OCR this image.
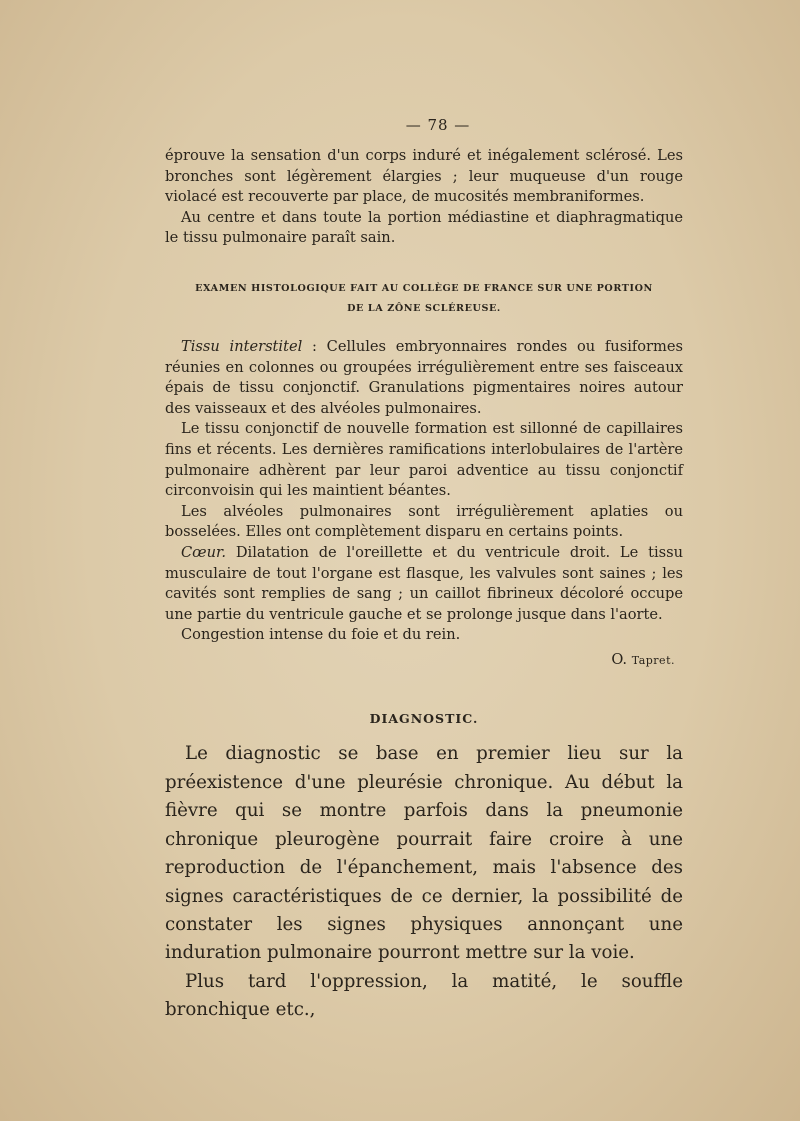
— 78 —

éprouve la sensation d'un corps induré et inégalement sclérosé. Les bronches sont légèrement élargies ; leur muqueuse d'un rouge violacé est recouverte par place, de mucosités membraniformes.

Au centre et dans toute la portion médiastine et diaphragmatique le tissu pulmonaire paraît sain.

EXAMEN HISTOLOGIQUE FAIT AU COLLÈGE DE FRANCE SUR UNE PORTION
DE LA ZÔNE SCLÉREUSE.

Tissu interstitel : Cellules embryonnaires rondes ou fusiformes réunies en colonnes ou groupées irrégulièrement entre ses faisceaux épais de tissu conjonctif. Granulations pigmentaires noires autour des vaisseaux et des alvéoles pulmonaires.

Le tissu conjonctif de nouvelle formation est sillonné de capillaires fins et récents. Les dernières ramifications interlobulaires de l'artère pulmonaire adhèrent par leur paroi adventice au tissu conjonctif circonvoisin qui les maintient béantes.

Les alvéoles pulmonaires sont irrégulièrement aplaties ou bosselées. Elles ont complètement disparu en certains points.

Cœur. Dilatation de l'oreillette et du ventricule droit. Le tissu musculaire de tout l'organe est flasque, les valvules sont saines ; les cavités sont remplies de sang ; un caillot fibrineux décoloré occupe une partie du ventricule gauche et se prolonge jusque dans l'aorte.

Congestion intense du foie et du rein.

O. Tapret.
DIAGNOSTIC.

Le diagnostic se base en premier lieu sur la préexistence d'une pleurésie chronique. Au début la fièvre qui se montre parfois dans la pneumonie chronique pleurogène pourrait faire croire à une reproduction de l'épanchement, mais l'absence des signes caractéristiques de ce dernier, la possibilité de constater les signes physiques annonçant une induration pulmonaire pourront mettre sur la voie.

Plus tard l'oppression, la matité, le souffle bronchique etc.,
